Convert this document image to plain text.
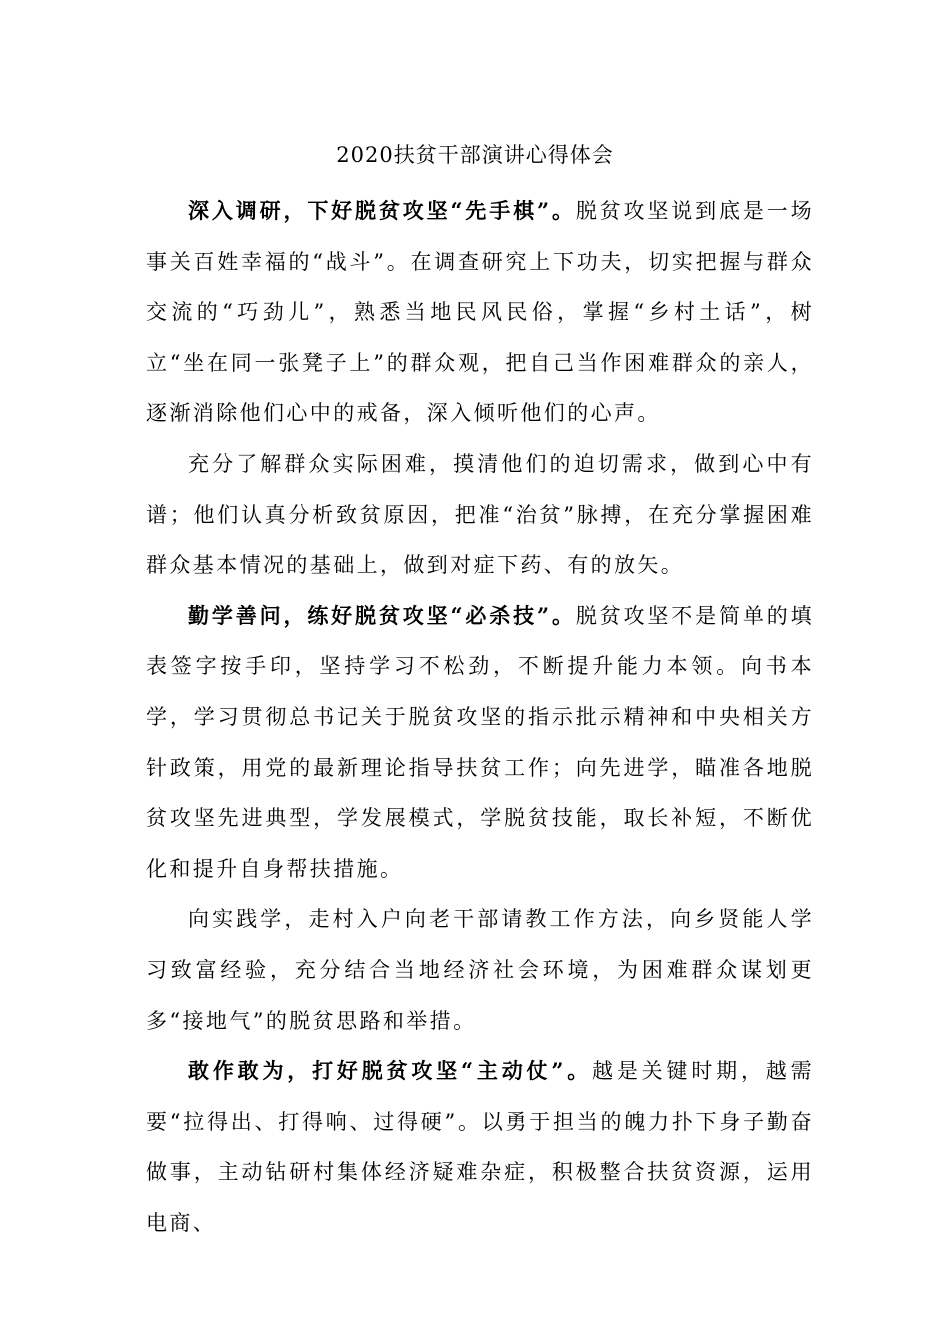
2020扶贫干部演讲心得体会

深入调研，下好脱贫攻坚“先手棋”。脱贫攻坚说到底是一场事关百姓幸福的“战斗”。在调查研究上下功夫，切实把握与群众交流的“巧劲儿”，熟悉当地民风民俗，掌握“乡村土话”，树立“坐在同一张凳子上”的群众观，把自己当作困难群众的亲人，逐渐消除他们心中的戒备，深入倾听他们的心声。

充分了解群众实际困难，摸清他们的迫切需求，做到心中有谱；他们认真分析致贫原因，把准“治贫”脉搏，在充分掌握困难群众基本情况的基础上，做到对症下药、有的放矢。

勤学善问，练好脱贫攻坚“必杀技”。脱贫攻坚不是简单的填表签字按手印，坚持学习不松劲，不断提升能力本领。向书本学，学习贯彻总书记关于脱贫攻坚的指示批示精神和中央相关方针政策，用党的最新理论指导扶贫工作；向先进学，瞄准各地脱贫攻坚先进典型，学发展模式，学脱贫技能，取长补短，不断优化和提升自身帮扶措施。

向实践学，走村入户向老干部请教工作方法，向乡贤能人学习致富经验，充分结合当地经济社会环境，为困难群众谋划更多“接地气”的脱贫思路和举措。

敢作敢为，打好脱贫攻坚“主动仗”。越是关键时期，越需要“拉得出、打得响、过得硬”。以勇于担当的魄力扑下身子勤奋做事，主动钻研村集体经济疑难杂症，积极整合扶贫资源，运用电商、
